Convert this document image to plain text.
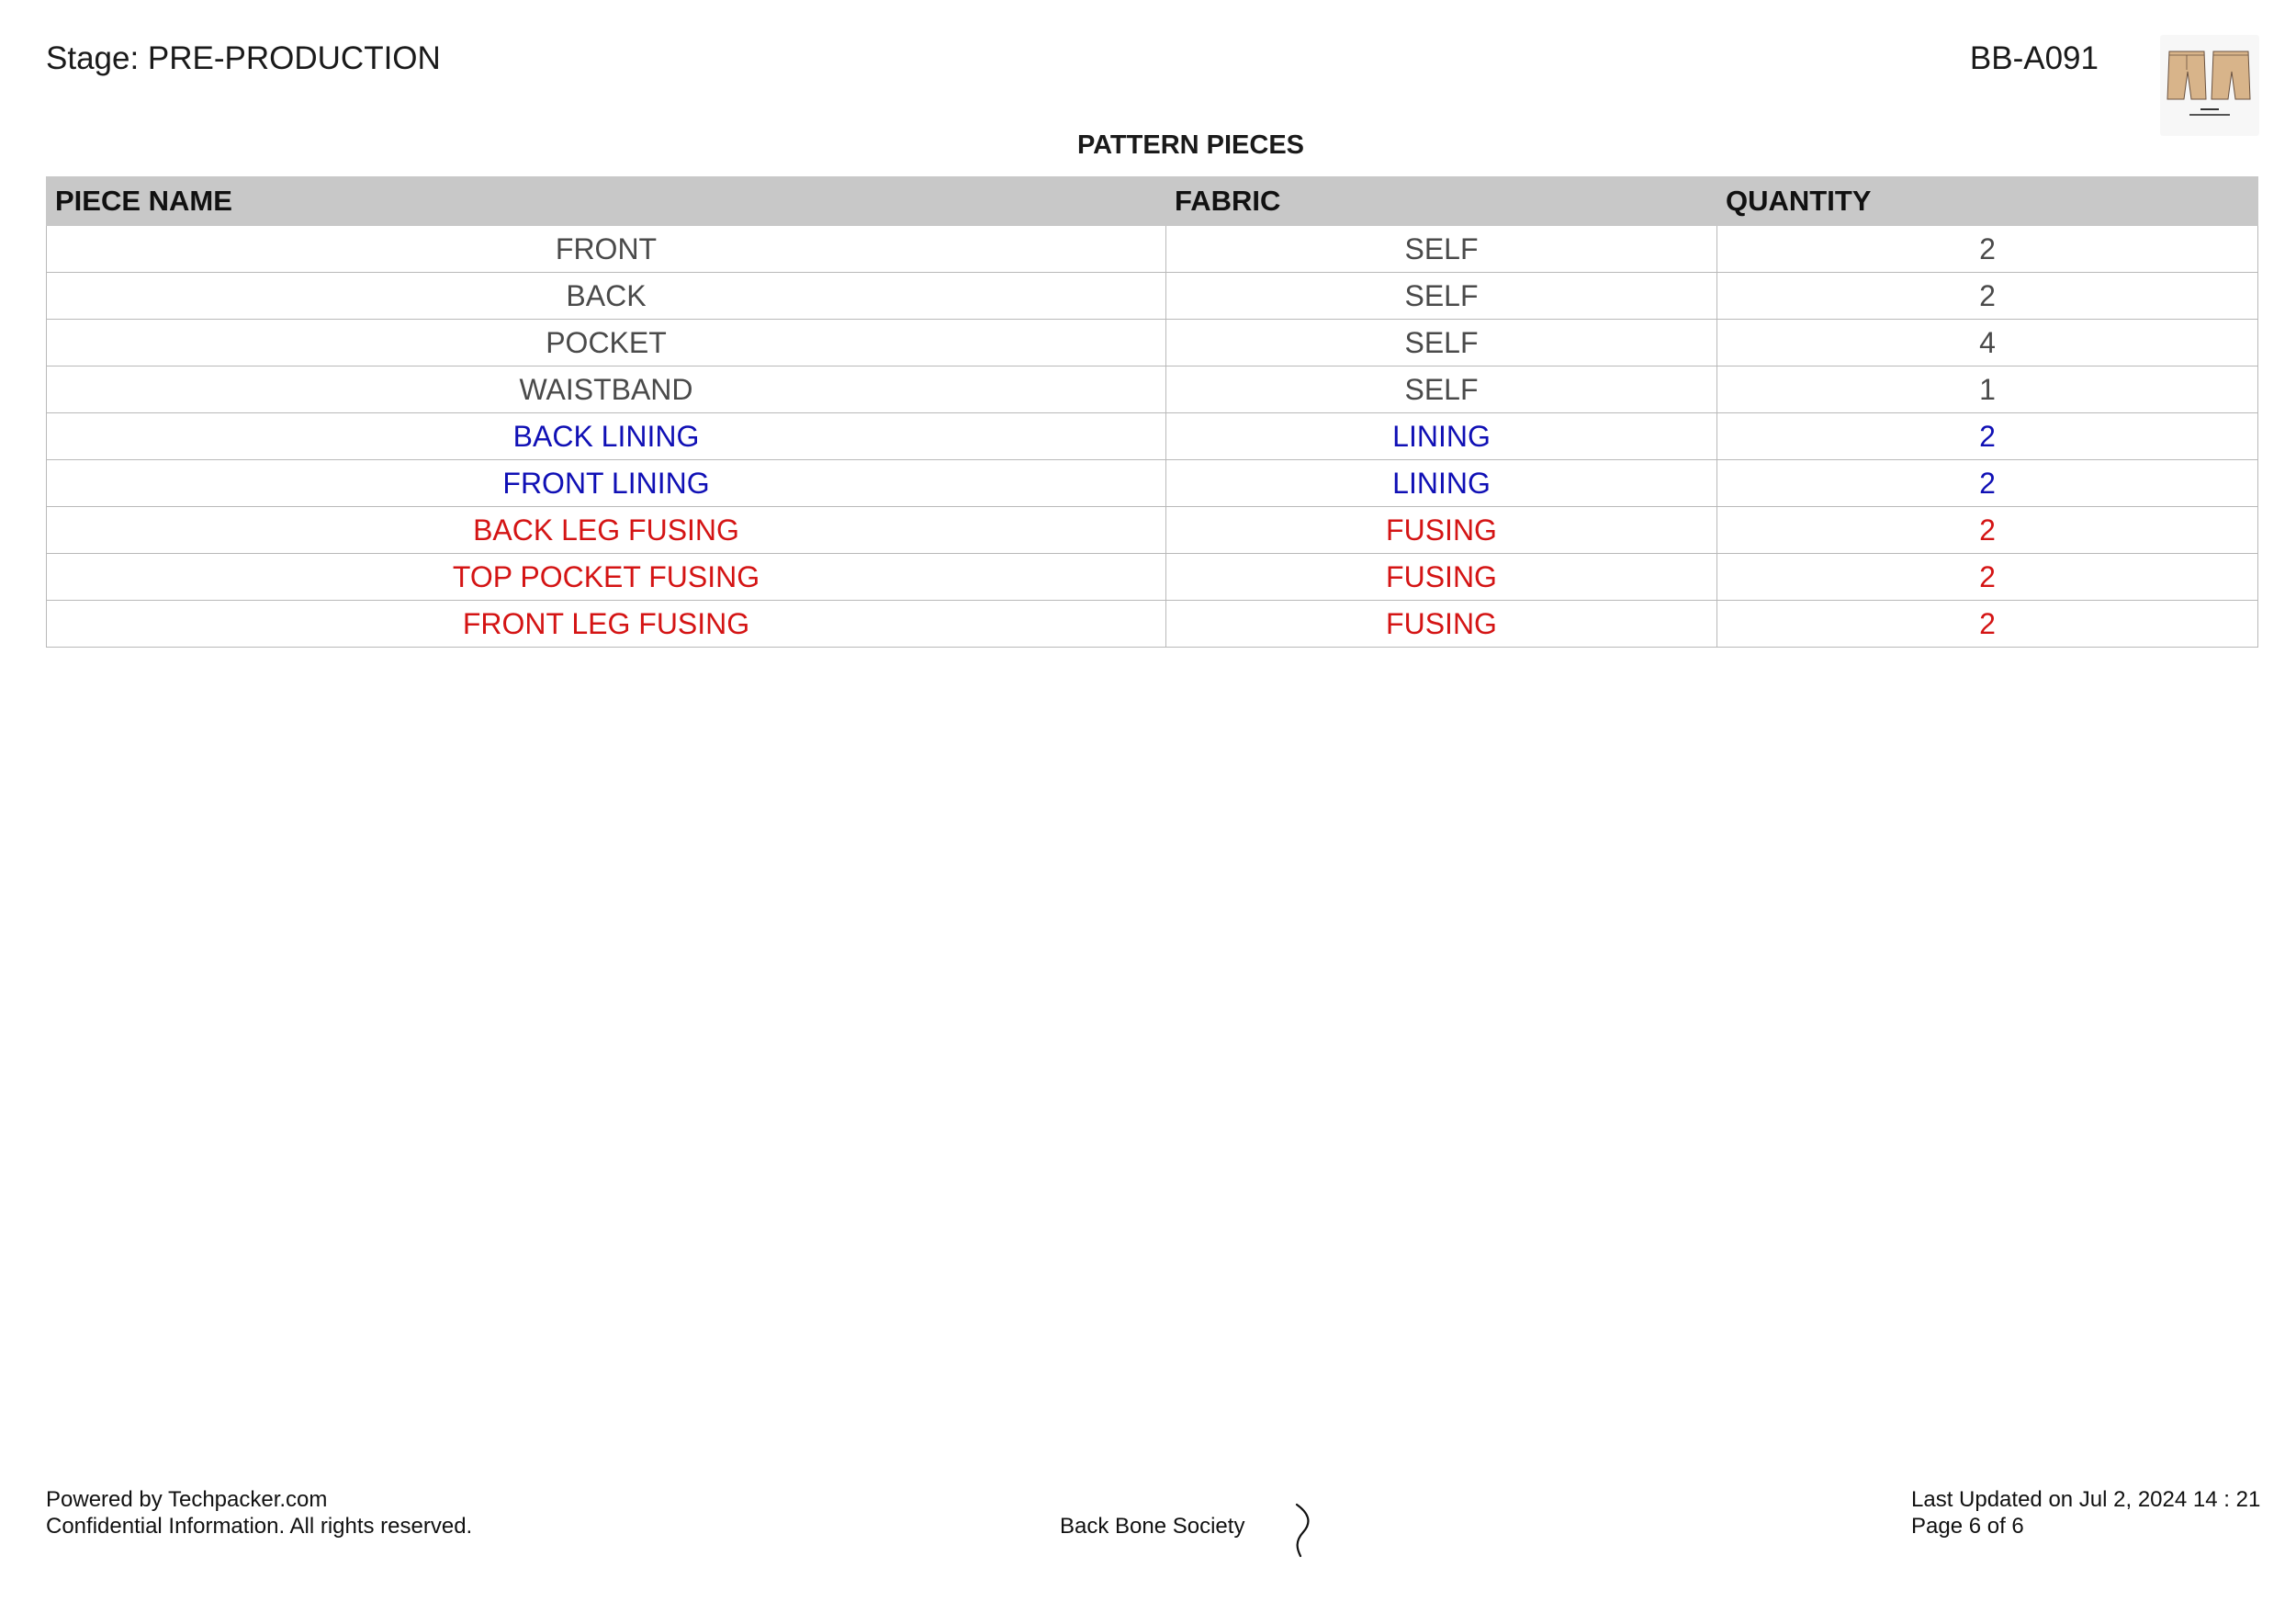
Stage: PRE-PRODUCTION	BB-A091
PATTERN PIECES
PIECE NAME	FABRIC	QUANTITY
FRONT	SELF	2
BACK	SELF	2
POCKET	SELF	4
WAISTBAND	SELF	1
BACK LINING	LINING	2
FRONT LINING	LINING	2
BACK LEG FUSING	FUSING	2
TOP POCKET FUSING	FUSING	2
FRONT LEG FUSING	FUSING	2
Powered by Techpacker.com
Confidential Information. All rights reserved.	Back Bone Society
Last Updated on Jul 2, 2024 14 : 21
Page 6 of 6
